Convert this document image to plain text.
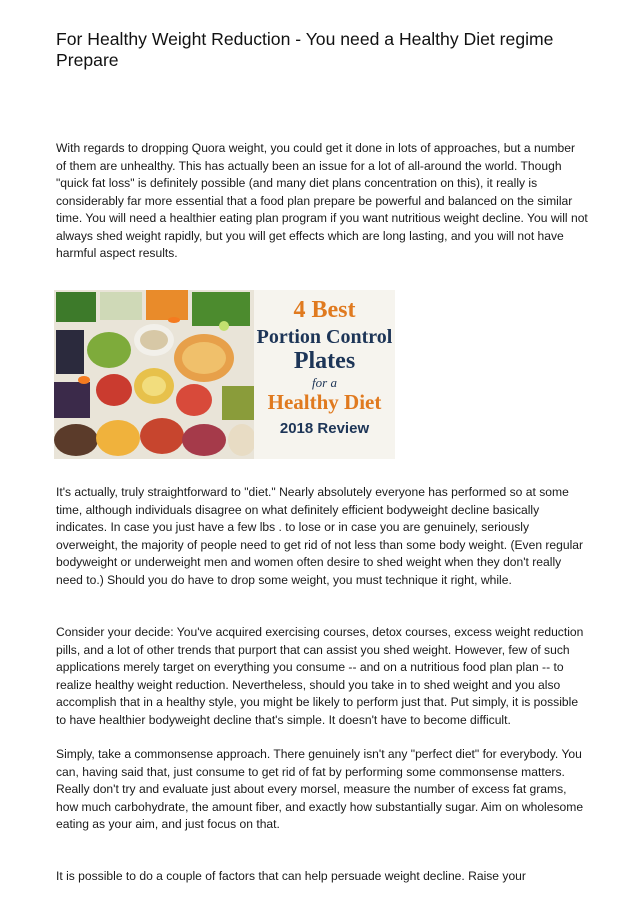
For Healthy Weight Reduction - You need a Healthy Diet regime Prepare

With regards to dropping Quora weight, you could get it done in lots of approaches, but a number of them are unhealthy. This has actually been an issue for a lot of all-around the world. Though "quick fat loss" is definitely possible (and many diet plans concentration on this), it really is considerably far more essential that a food plan prepare be powerful and balanced on the similar time. You will need a healthier eating plan program if you want nutritious weight decline. You will not always shed weight rapidly, but you will get effects which are long lasting, and you will not have harmful aspect results.

4 Best
Portion Control
Plates
for a
Healthy Diet
2018 Review

It's actually, truly straightforward to "diet." Nearly absolutely everyone has performed so at some time, although individuals disagree on what definitely efficient bodyweight decline basically indicates. In case you just have a few lbs . to lose or in case you are genuinely, seriously overweight, the majority of people need to get rid of not less than some body weight. (Even regular bodyweight or underweight men and women often desire to shed weight when they don't really need to.) Should you do have to drop some weight, you must technique it right, while.

Consider your decide: You've acquired exercising courses, detox courses, excess weight reduction pills, and a lot of other trends that purport that can assist you shed weight. However, few of such applications merely target on everything you consume -- and on a nutritious food plan plan -- to realize healthy weight reduction. Nevertheless, should you take in to shed weight and you also accomplish that in a healthy style, you might be likely to perform just that. Put simply, it is possible to have healthier bodyweight decline that's simple. It doesn't have to become difficult.

Simply, take a commonsense approach. There genuinely isn't any "perfect diet" for everybody. You can, having said that, just consume to get rid of fat by performing some commonsense matters. Really don't try and evaluate just about every morsel, measure the number of excess fat grams, how much carbohydrate, the amount fiber, and exactly how substantially sugar. Aim on wholesome eating as your aim, and just focus on that.

It is possible to do a couple of factors that can help persuade weight decline. Raise your
